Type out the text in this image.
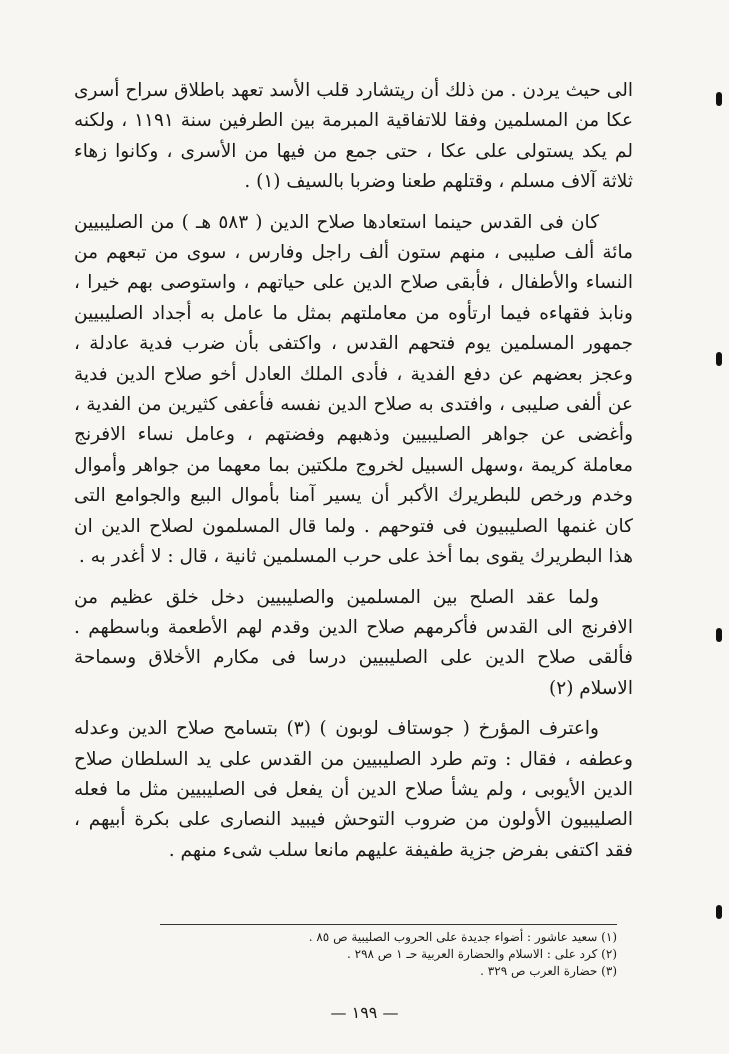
الى حيث يردن . من ذلك أن ريتشارد قلب الأسد تعهد باطلاق سراح أسرى عكا من المسلمين وفقا للاتفاقية المبرمة بين الطرفين سنة ١١٩١ ، ولكنه لم يكد يستولى على عكا ، حتى جمع من فيها من الأسرى ، وكانوا زهاء ثلاثة آلاف مسلم ، وقتلهم طعنا وضربا بالسيف (١) .

كان فى القدس حينما استعادها صلاح الدين ( ٥٨٣ هـ ) من الصليبيين مائة ألف صليبى ، منهم ستون ألف راجل وفارس ، سوى من تبعهم من النساء والأطفال ، فأبقى صلاح الدين على حياتهم ، واستوصى بهم خيرا ، ونابذ فقهاءه فيما ارتأوه من معاملتهم بمثل ما عامل به أجداد الصليبيين جمهور المسلمين يوم فتحهم القدس ، واكتفى بأن ضرب فدية عادلة ، وعجز بعضهم عن دفع الفدية ، فأدى الملك العادل أخو صلاح الدين فدية عن ألفى صليبى ، وافتدى به صلاح الدين نفسه فأعفى كثيرين من الفدية ، وأغضى عن جواهر الصليبيين وذهبهم وفضتهم ، وعامل نساء الافرنج معاملة كريمة ،وسهل السبيل لخروج ملكتين بما معهما من جواهر وأموال وخدم ورخص للبطريرك الأكبر أن يسير آمنا بأموال البيع والجوامع التى كان غنمها الصليبيون فى فتوحهم . ولما قال المسلمون لصلاح الدين ان هذا البطريرك يقوى بما أخذ على حرب المسلمين ثانية ، قال : لا أغدر به .

ولما عقد الصلح بين المسلمين والصليبيين دخل خلق عظيم من الافرنج الى القدس فأكرمهم صلاح الدين وقدم لهم الأطعمة وباسطهم . فألقى صلاح الدين على الصليبيين درسا فى مكارم الأخلاق وسماحة الاسلام (٢)

واعترف المؤرخ ( جوستاف لوبون ) (٣) بتسامح صلاح الدين وعدله وعطفه ، فقال : وتم طرد الصليبيين من القدس على يد السلطان صلاح الدين الأيوبى ، ولم يشأ صلاح الدين أن يفعل فى الصليبيين مثل ما فعله الصليبيون الأولون من ضروب التوحش فيبيد النصارى على بكرة أبيهم ، فقد اكتفى بفرض جزية طفيفة عليهم مانعا سلب شىء منهم .

(١) سعيد عاشور : أضواء جديدة على الحروب الصليبية ص ٨٥ .

(٢) كرد على : الاسلام والحضارة العربية حـ ١ ص ٢٩٨ .

(٣) حضارة العرب ص ٣٢٩ .

— ١٩٩ —
